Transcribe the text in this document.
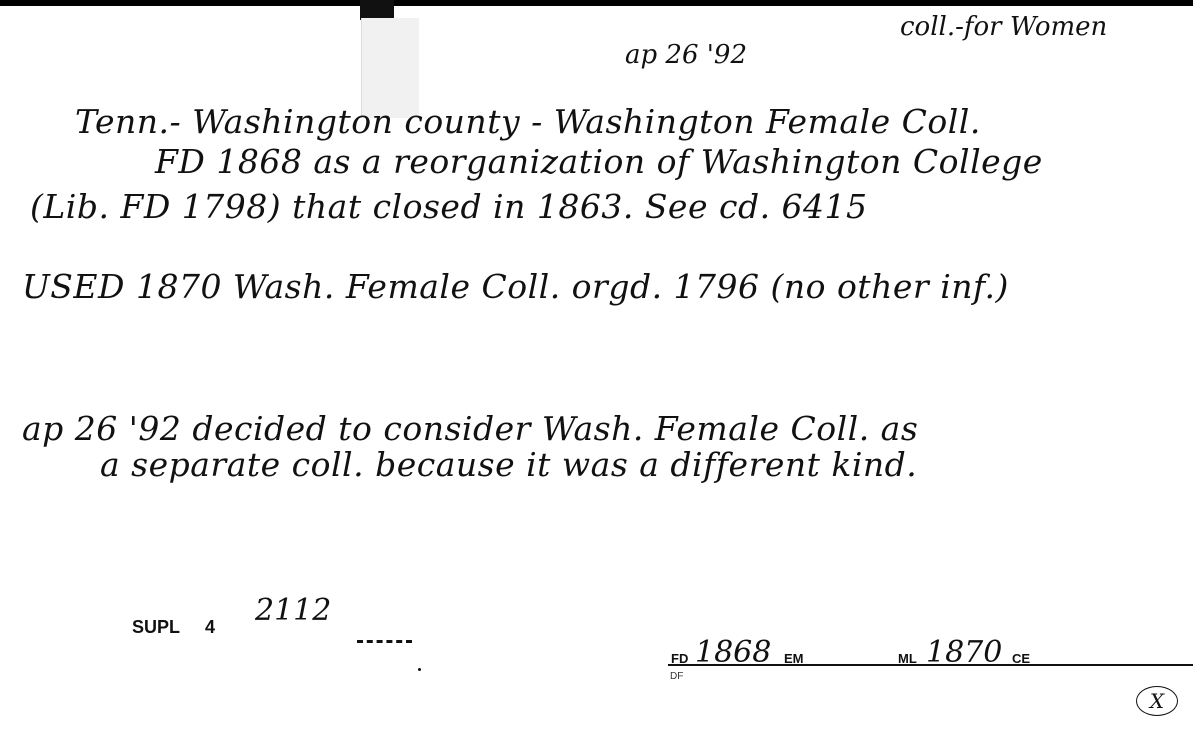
coll.-for Women
ap 26 '92
Tenn.- Washington county - Washington Female Coll.
FD 1868 as a reorganization of Washington College
(Lib. FD 1798) that closed in 1863. See cd. 6415
USED 1870 Wash. Female Coll. orgd. 1796 (no other inf.)
ap 26 '92 decided to consider Wash. Female Coll. as
a separate coll. because it was a different kind.
SUPL 4 2112
FD 1868 EM	ML 1870 CE
DF
X
